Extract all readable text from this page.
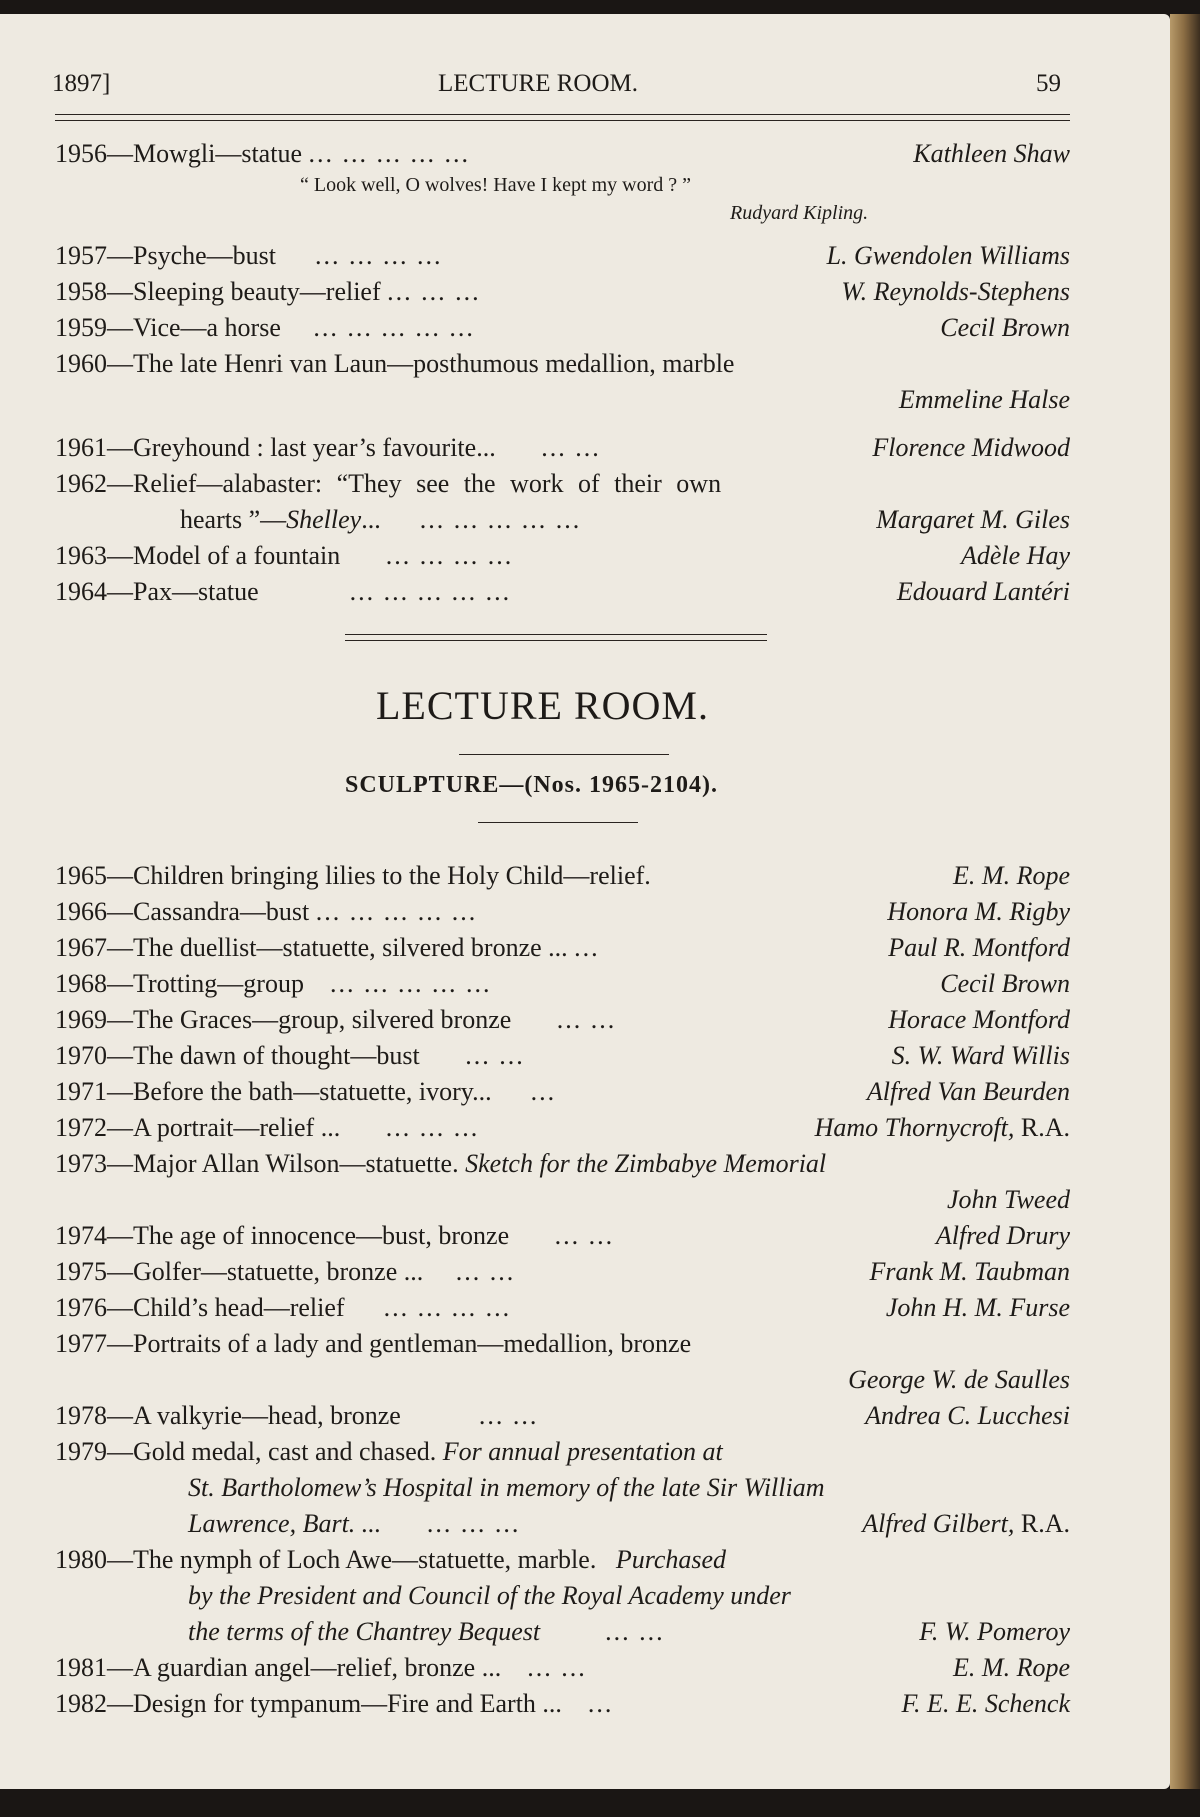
1897]	LECTURE ROOM.	59
1956—Mowgli—statue ... ... ... ... ...	Kathleen Shaw
“ Look well, O wolves! Have I kept my word ? ”
Rudyard Kipling.
1957—Psyche—bust ... ... ... ...	L. Gwendolen Williams
1958—Sleeping beauty—relief ... ... ...	W. Reynolds-Stephens
1959—Vice—a horse ... ... ... ... ...	Cecil Brown
1960—The late Henri van Laun—posthumous medallion, marble
Emmeline Halse
1961—Greyhound : last year’s favourite... ... ...	Florence Midwood
1962—Relief—alabaster: “They see the work of their own
hearts ”—Shelley... ... ... ... ... ...	Margaret M. Giles
1963—Model of a fountain ... ... ... ...	Adèle Hay
1964—Pax—statue	... ... ... ... ...	Edouard Lantéri
LECTURE ROOM.
SCULPTURE—(Nos. 1965-2104).
1965—Children bringing lilies to the Holy Child—relief.	E. M. Rope
1966—Cassandra—bust ... ... ... ... ...	Honora M. Rigby
1967—The duellist—statuette, silvered bronze ... ...	Paul R. Montford
1968—Trotting—group ... ... ... ... ...	Cecil Brown
1969—The Graces—group, silvered bronze ... ...	Horace Montford
1970—The dawn of thought—bust ... ...	S. W. Ward Willis
1971—Before the bath—statuette, ivory... ...	Alfred Van Beurden
1972—A portrait—relief ... ... ... ...	Hamo Thornycroft, R.A.
1973—Major Allan Wilson—statuette. Sketch for the Zimbabye Memorial
John Tweed
1974—The age of innocence—bust, bronze ... ...	Alfred Drury
1975—Golfer—statuette, bronze ... ... ...	Frank M. Taubman
1976—Child’s head—relief ... ... ... ...	John H. M. Furse
1977—Portraits of a lady and gentleman—medallion, bronze
George W. de Saulles
1978—A valkyrie—head, bronze	... ...	Andrea C. Lucchesi
1979—Gold medal, cast and chased. For annual presentation at
St. Bartholomew’s Hospital in memory of the late Sir William
Lawrence, Bart. ... ... ... ...	Alfred Gilbert, R.A.
1980—The nymph of Loch Awe—statuette, marble.   Purchased
by the President and Council of the Royal Academy under
the terms of the Chantrey Bequest	... ...	F. W. Pomeroy
1981—A guardian angel—relief, bronze ... ... ...	E. M. Rope
1982—Design for tympanum—Fire and Earth ... ...	F. E. E. Schenck
